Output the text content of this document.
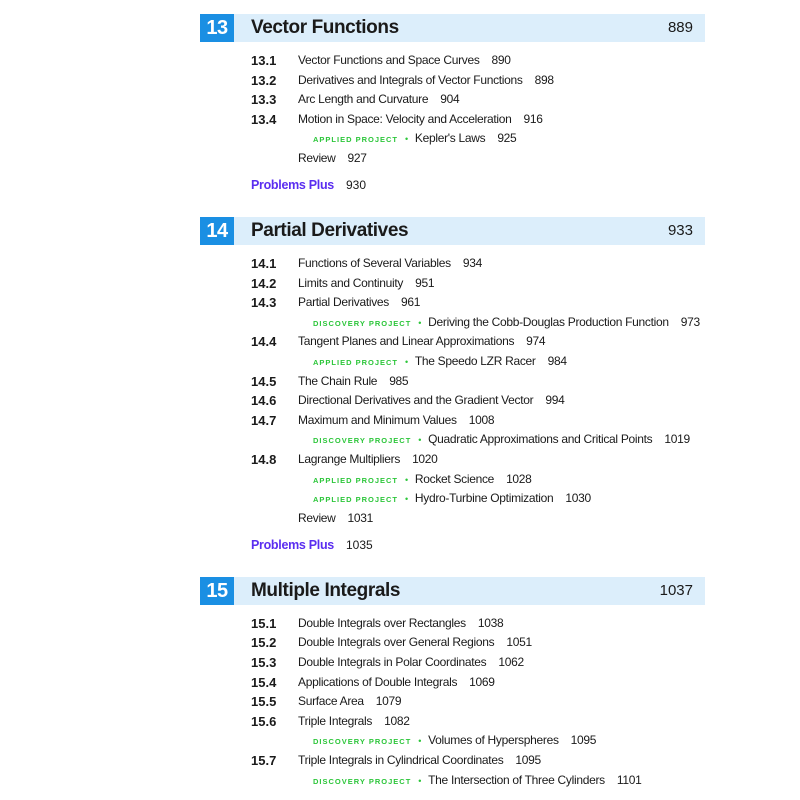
13	Vector Functions	889
13.1 Vector Functions and Space Curves 890
13.2 Derivatives and Integrals of Vector Functions 898
13.3 Arc Length and Curvature 904
13.4 Motion in Space: Velocity and Acceleration 916
APPLIED PROJECT • Kepler's Laws 925
Review 927
Problems Plus 930
14	Partial Derivatives	933
14.1 Functions of Several Variables 934
14.2 Limits and Continuity 951
14.3 Partial Derivatives 961
DISCOVERY PROJECT • Deriving the Cobb-Douglas Production Function 973
14.4 Tangent Planes and Linear Approximations 974
APPLIED PROJECT • The Speedo LZR Racer 984
14.5 The Chain Rule 985
14.6 Directional Derivatives and the Gradient Vector 994
14.7 Maximum and Minimum Values 1008
DISCOVERY PROJECT • Quadratic Approximations and Critical Points 1019
14.8 Lagrange Multipliers 1020
APPLIED PROJECT • Rocket Science 1028
APPLIED PROJECT • Hydro-Turbine Optimization 1030
Review 1031
Problems Plus 1035
15	Multiple Integrals	1037
15.1 Double Integrals over Rectangles 1038
15.2 Double Integrals over General Regions 1051
15.3 Double Integrals in Polar Coordinates 1062
15.4 Applications of Double Integrals 1069
15.5 Surface Area 1079
15.6 Triple Integrals 1082
DISCOVERY PROJECT • Volumes of Hyperspheres 1095
15.7 Triple Integrals in Cylindrical Coordinates 1095
DISCOVERY PROJECT • The Intersection of Three Cylinders 1101
